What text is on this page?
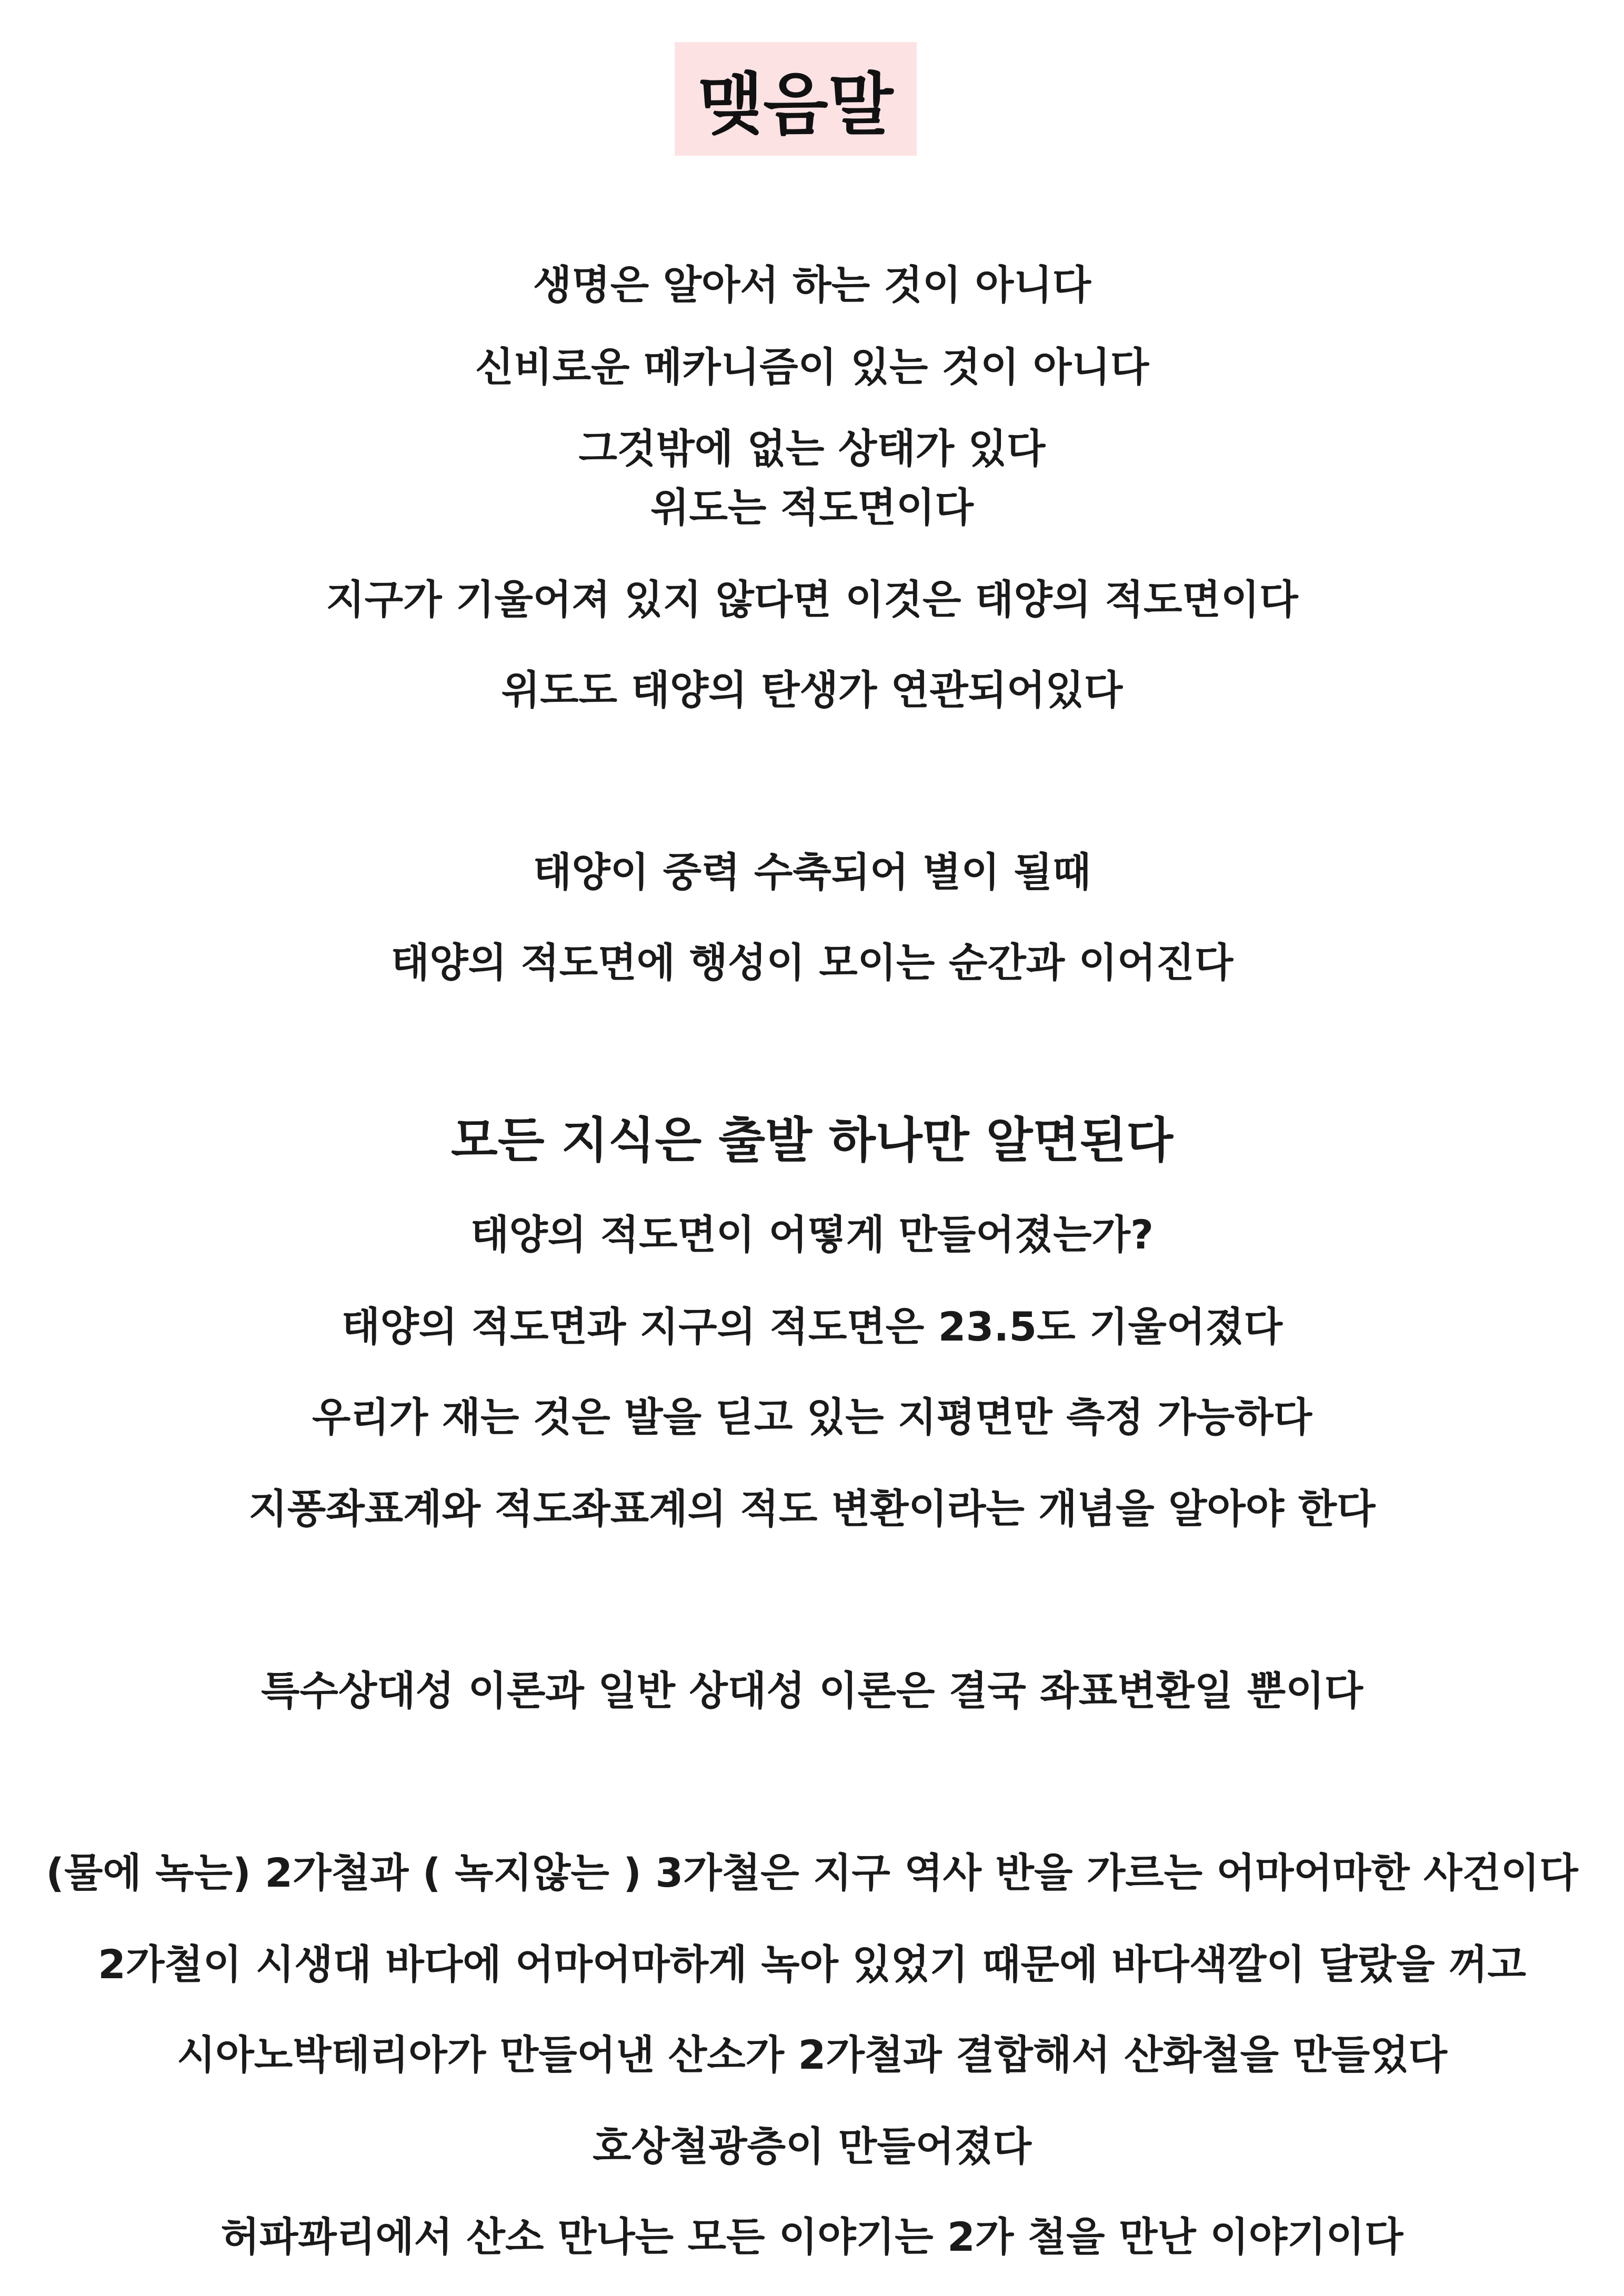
맺음말
생명은 알아서 하는 것이 아니다
신비로운 메카니즘이 있는 것이 아니다
그것밖에 없는 상태가 있다
위도는 적도면이다
지구가 기울어져 있지 않다면 이것은 태양의 적도면이다
위도도 태양의 탄생가 연관되어있다
태양이 중력 수축되어 별이 될때
태양의 적도면에 행성이 모이는 순간과 이어진다
모든 지식은 출발 하나만 알면된다
태양의 적도면이 어떻게 만들어졌는가?
태양의 적도면과 지구의 적도면은 23.5도 기울어졌다
우리가 재는 것은 발을 딛고 있는 지평면만 측정 가능하다
지퐁좌표계와 적도좌표계의 적도 변환이라는 개념을 알아야 한다
특수상대성 이론과 일반 상대성 이론은 결국 좌표변환일 뿐이다
(물에 녹는) 2가철과 ( 녹지않는 ) 3가철은 지구 역사 반을 가르는 어마어마한 사건이다
2가철이 시생대 바다에 어마어마하게 녹아 있었기 때문에 바다색깔이 달랐을 꺼고
시아노박테리아가 만들어낸 산소가 2가철과 결합해서 산화철을 만들었다
호상철광층이 만들어졌다
허파꽈리에서 산소 만나는 모든 이야기는 2가 철을 만난 이야기이다
